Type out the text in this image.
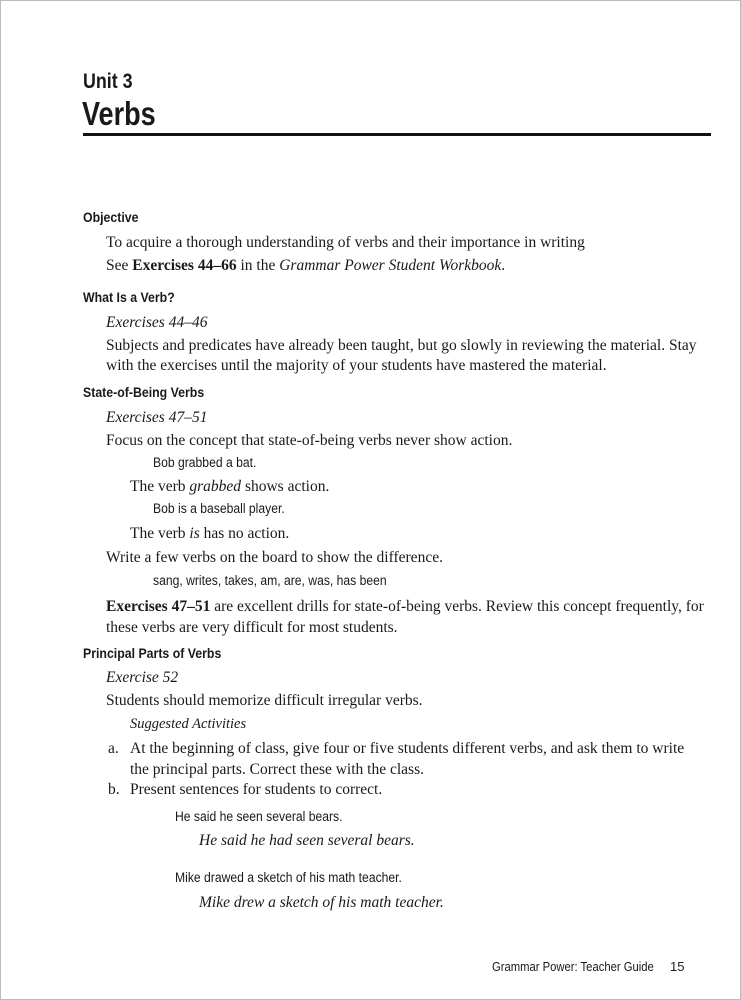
Unit 3
Verbs
Objective
To acquire a thorough understanding of verbs and their importance in writing
See Exercises 44–66 in the Grammar Power Student Workbook.
What Is a Verb?
Exercises 44–46
Subjects and predicates have already been taught, but go slowly in reviewing the material. Stay
with the exercises until the majority of your students have mastered the material.
State-of-Being Verbs
Exercises 47–51
Focus on the concept that state-of-being verbs never show action.
Bob grabbed a bat.
The verb grabbed shows action.
Bob is a baseball player.
The verb is has no action.
Write a few verbs on the board to show the difference.
sang, writes, takes, am, are, was, has been
Exercises 47–51 are excellent drills for state-of-being verbs. Review this concept frequently, for
these verbs are very difficult for most students.
Principal Parts of Verbs
Exercise 52
Students should memorize difficult irregular verbs.
Suggested Activities
a. At the beginning of class, give four or five students different verbs, and ask them to write
the principal parts. Correct these with the class.
b. Present sentences for students to correct.
He said he seen several bears.
He said he had seen several bears.
Mike drawed a sketch of his math teacher.
Mike drew a sketch of his math teacher.
Grammar Power: Teacher Guide 15
